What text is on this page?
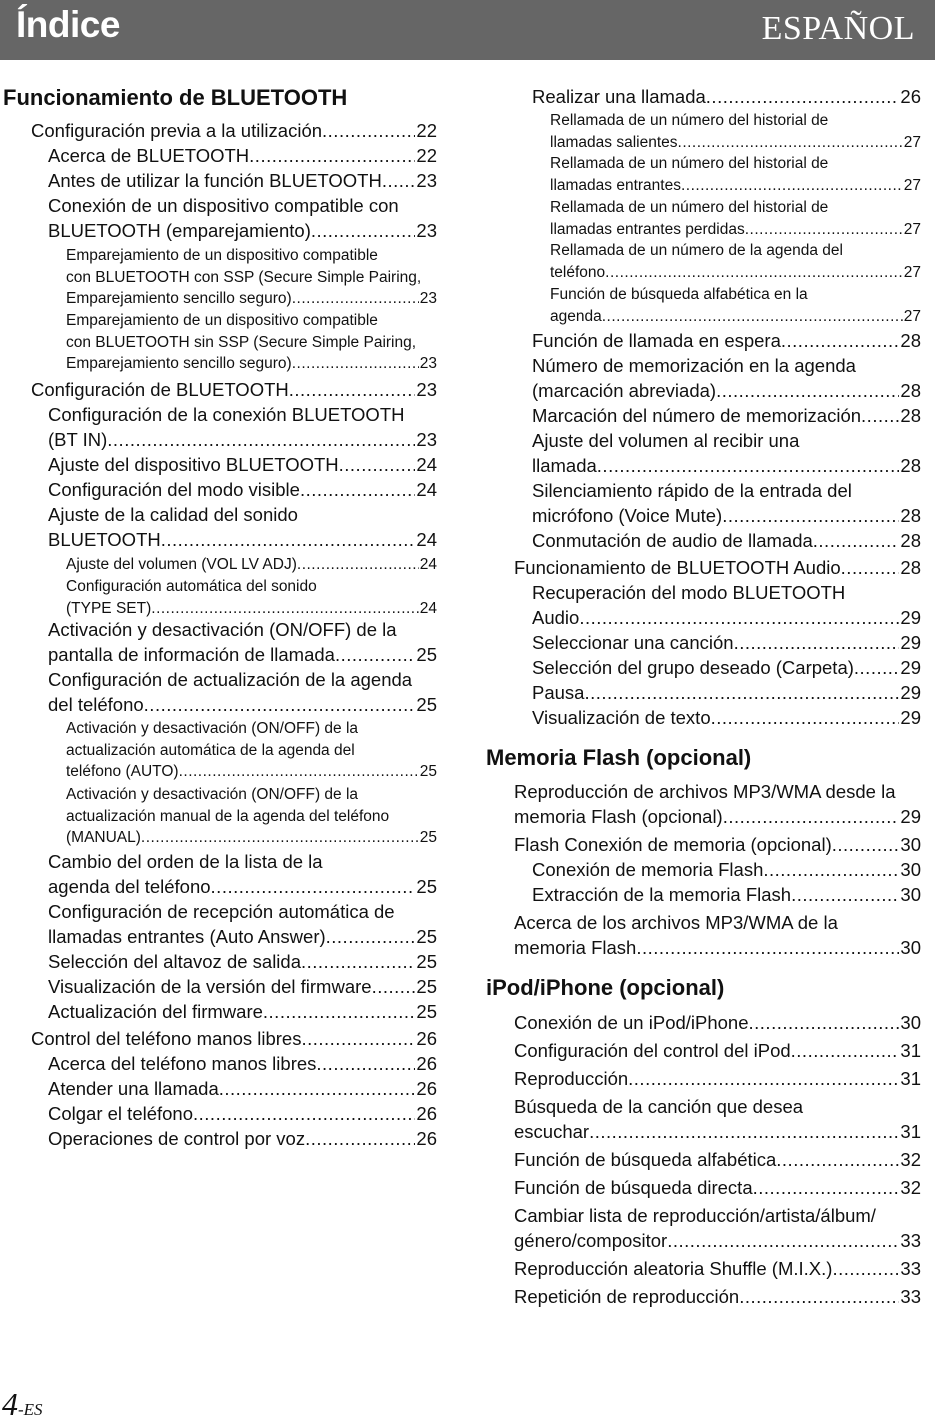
Índice	ESPAÑOL
Funcionamiento de BLUETOOTH
Memoria Flash (opcional)
iPod/iPhone (opcional)
Configuración previa a la utilización .....	22
Acerca de BLUETOOTH .....	22
Antes de utilizar la función BLUETOOTH ..... 23
Conexión de un dispositivo compatible con
BLUETOOTH (emparejamiento) .....	23
Emparejamiento de un dispositivo compatible
con BLUETOOTH con SSP (Secure Simple Pairing,
Emparejamiento sencillo seguro) .....	23
Emparejamiento de un dispositivo compatible
con BLUETOOTH sin SSP (Secure Simple Pairing,
Emparejamiento sencillo seguro) .....	23
Configuración de BLUETOOTH .....	23
Configuración de la conexión BLUETOOTH
(BT IN) .....	23
Ajuste del dispositivo BLUETOOTH .....	24
Configuración del modo visible .....	24
Ajuste de la calidad del sonido
BLUETOOTH .....	24
Ajuste del volumen (VOL LV ADJ) .....	24
Configuración automática del sonido
(TYPE SET) .....	24
Activación y desactivación (ON/OFF) de la
pantalla de información de llamada .....	25
Configuración de actualización de la agenda
del teléfono .....	25
Activación y desactivación (ON/OFF) de la
actualización automática de la agenda del
teléfono (AUTO) .....	25
Activación y desactivación (ON/OFF) de la
actualización manual de la agenda del teléfono
(MANUAL) .....	25
Cambio del orden de la lista de la
agenda del teléfono .....	25
Configuración de recepción automática de
llamadas entrantes (Auto Answer) .....	25
Selección del altavoz de salida .....	25
Visualización de la versión del firmware ..... 25
Actualización del firmware .....	25
Control del teléfono manos libres .....	26
Acerca del teléfono manos libres .....	26
Atender una llamada .....	26
Colgar el teléfono .....	26
Operaciones de control por voz .....	26
Realizar una llamada .....	26
Rellamada de un número del historial de
llamadas salientes .....	27
Rellamada de un número del historial de
llamadas entrantes .....	27
Rellamada de un número del historial de
llamadas entrantes perdidas .....	27
Rellamada de un número de la agenda del
teléfono .....	27
Función de búsqueda alfabética en la
agenda .....	27
Función de llamada en espera .....	28
Número de memorización en la agenda
(marcación abreviada) .....	28
Marcación del número de memorización ..... 28
Ajuste del volumen al recibir una
llamada .....	28
Silenciamiento rápido de la entrada del
micrófono (Voice Mute) .....	28
Conmutación de audio de llamada .....	28
Funcionamiento de BLUETOOTH Audio .....	28
Recuperación del modo BLUETOOTH
Audio .....	29
Seleccionar una canción .....	29
Selección del grupo deseado (Carpeta) .....	29
Pausa .....	29
Visualización de texto .....	29
Reproducción de archivos MP3/WMA desde la
memoria Flash (opcional) .....	29
Flash Conexión de memoria (opcional) .....	30
Conexión de memoria Flash .....	30
Extracción de la memoria Flash .....	30
Acerca de los archivos MP3/WMA de la
memoria Flash .....	30
Conexión de un iPod/iPhone .....	30
Configuración del control del iPod .....	31
Reproducción .....	31
Búsqueda de la canción que desea
escuchar .....	31
Función de búsqueda alfabética .....	32
Función de búsqueda directa .....	32
Cambiar lista de reproducción/artista/álbum/
género/compositor .....	33
Reproducción aleatoria Shuffle (M.I.X.) .....	33
Repetición de reproducción .....	33
4-ES
